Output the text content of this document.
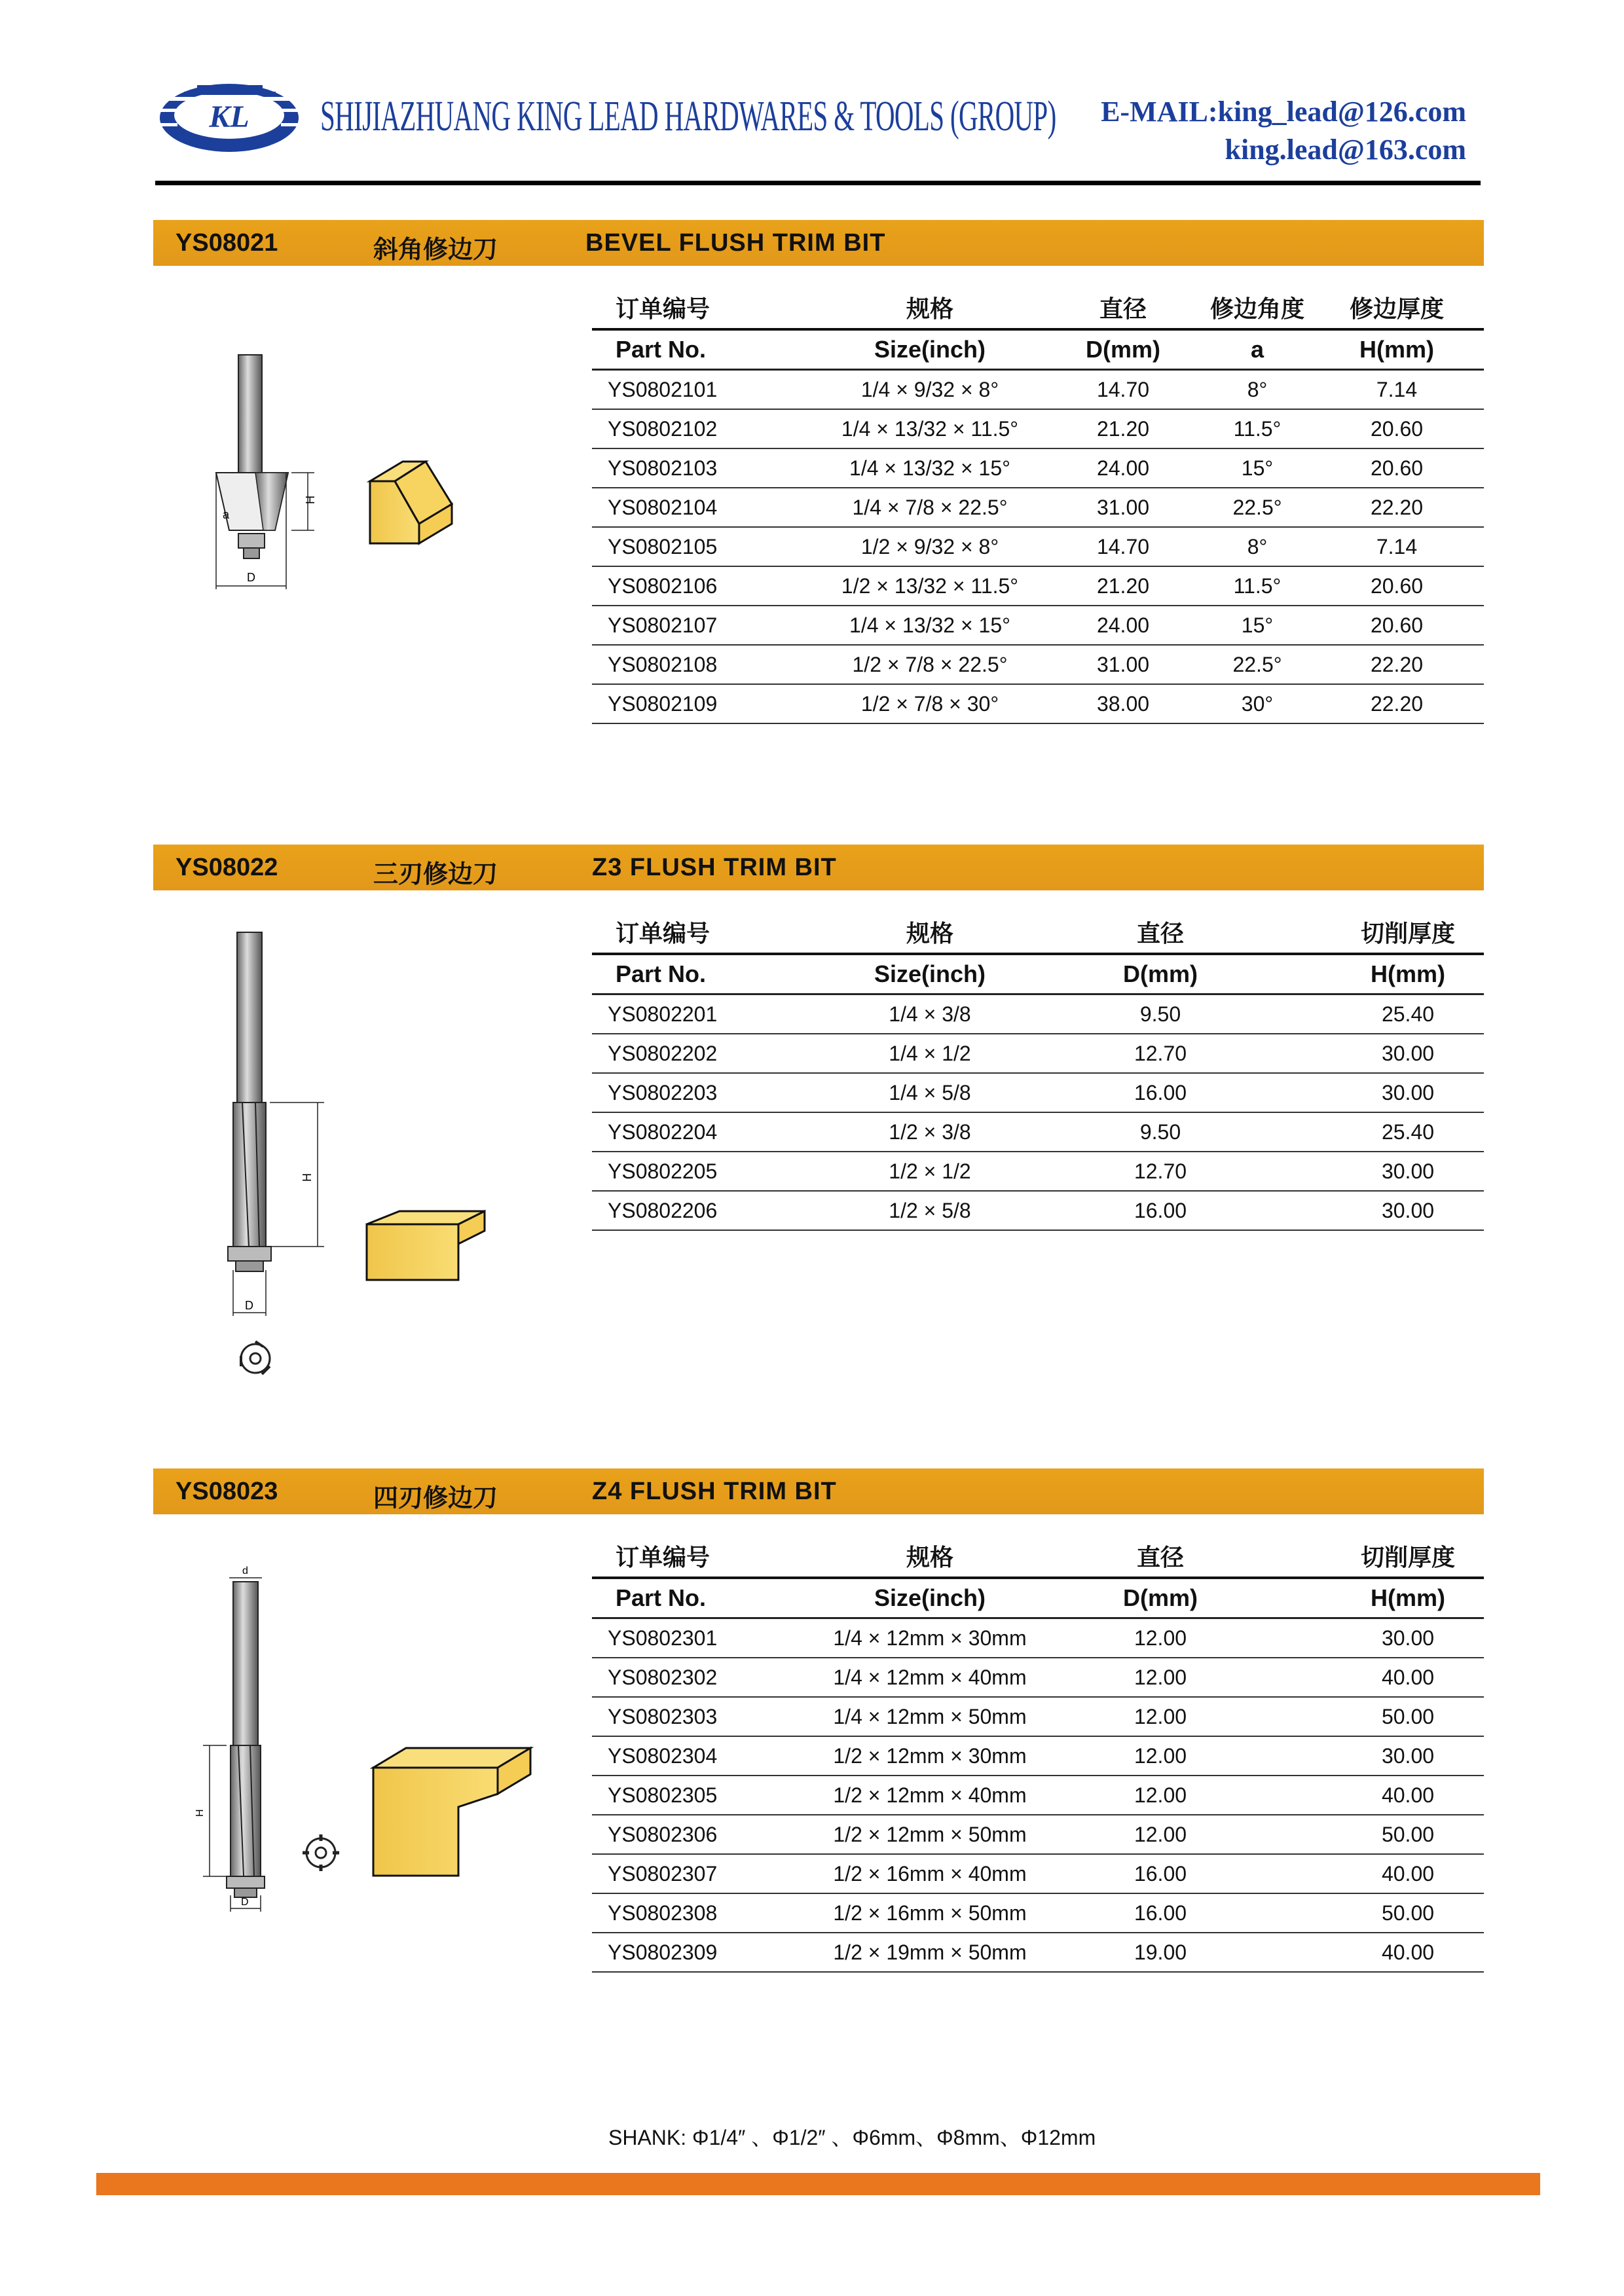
KL SHIJIAZHUANG KING LEAD HARDWARES & TOOLS (GROUP) E-MAIL:king_lead@126.com
king.lead@163.com
YS08021	斜角修边刀	BEVEL FLUSH TRIM BIT
a
H
D
订单编号	规格	直径	修边角度	修边厚度
Part No.	Size(inch)	D(mm)	a	H(mm)
YS0802101	1/4 × 9/32 × 8°	14.70	8°	7.14
YS0802102	1/4 × 13/32 × 11.5°	21.20	11.5°	20.60
YS0802103	1/4 × 13/32 × 15°	24.00	15°	20.60
YS0802104	1/4 × 7/8 × 22.5°	31.00	22.5°	22.20
YS0802105	1/2 × 9/32 × 8°	14.70	8°	7.14
YS0802106	1/2 × 13/32 × 11.5°	21.20	11.5°	20.60
YS0802107	1/4 × 13/32 × 15°	24.00	15°	20.60
YS0802108	1/2 × 7/8 × 22.5°	31.00	22.5°	22.20
YS0802109	1/2 × 7/8 × 30°	38.00	30°	22.20
YS08022	三刃修边刀	Z3 FLUSH TRIM BIT
H
D
订单编号	规格	直径	切削厚度
Part No.	Size(inch)	D(mm)	H(mm)
YS0802201	1/4 × 3/8	9.50	25.40
YS0802202	1/4 × 1/2	12.70	30.00
YS0802203	1/4 × 5/8	16.00	30.00
YS0802204	1/2 × 3/8	9.50	25.40
YS0802205	1/2 × 1/2	12.70	30.00
YS0802206	1/2 × 5/8	16.00	30.00
YS08023	四刃修边刀	Z4 FLUSH TRIM BIT
d
D
H
订单编号	规格	直径	切削厚度
Part No.	Size(inch)	D(mm)	H(mm)
YS0802301	1/4 × 12mm × 30mm	12.00	30.00
YS0802302	1/4 × 12mm × 40mm	12.00	40.00
YS0802303	1/4 × 12mm × 50mm	12.00	50.00
YS0802304	1/2 × 12mm × 30mm	12.00	30.00
YS0802305	1/2 × 12mm × 40mm	12.00	40.00
YS0802306	1/2 × 12mm × 50mm	12.00	50.00
YS0802307	1/2 × 16mm × 40mm	16.00	40.00
YS0802308	1/2 × 16mm × 50mm	16.00	50.00
YS0802309	1/2 × 19mm × 50mm	19.00	40.00
SHANK: Φ1/4″ 、Φ1/2″ 、Φ6mm、Φ8mm、Φ12mm
